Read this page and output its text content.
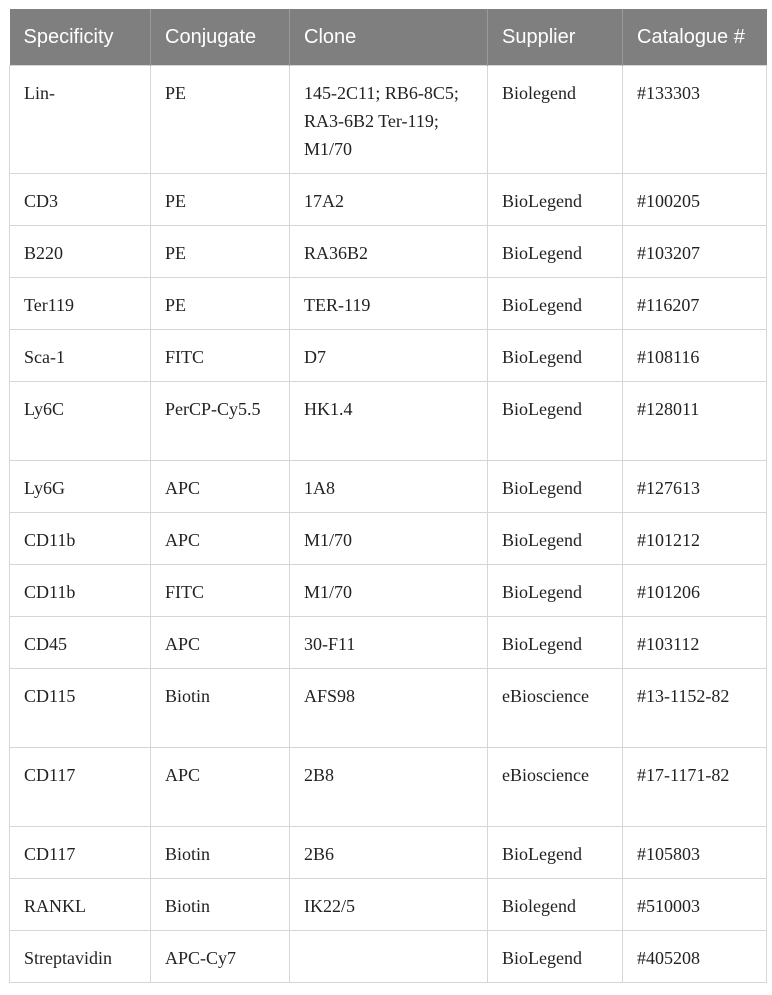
Specificity	Conjugate	Clone	Supplier	Catalogue #
Lin-	PE	145-2C11; RB6-8C5; RA3-6B2 Ter-119; M1/70	Biolegend	#133303
CD3	PE	17A2	BioLegend	#100205
B220	PE	RA36B2	BioLegend	#103207
Ter119	PE	TER-119	BioLegend	#116207
Sca-1	FITC	D7	BioLegend	#108116
Ly6C	PerCP-Cy5.5	HK1.4	BioLegend	#128011
Ly6G	APC	1A8	BioLegend	#127613
CD11b	APC	M1/70	BioLegend	#101212
CD11b	FITC	M1/70	BioLegend	#101206
CD45	APC	30-F11	BioLegend	#103112
CD115	Biotin	AFS98	eBioscience	#13-1152-82
CD117	APC	2B8	eBioscience	#17-1171-82
CD117	Biotin	2B6	BioLegend	#105803
RANKL	Biotin	IK22/5	Biolegend	#510003
Streptavidin	APC-Cy7		BioLegend	#405208
